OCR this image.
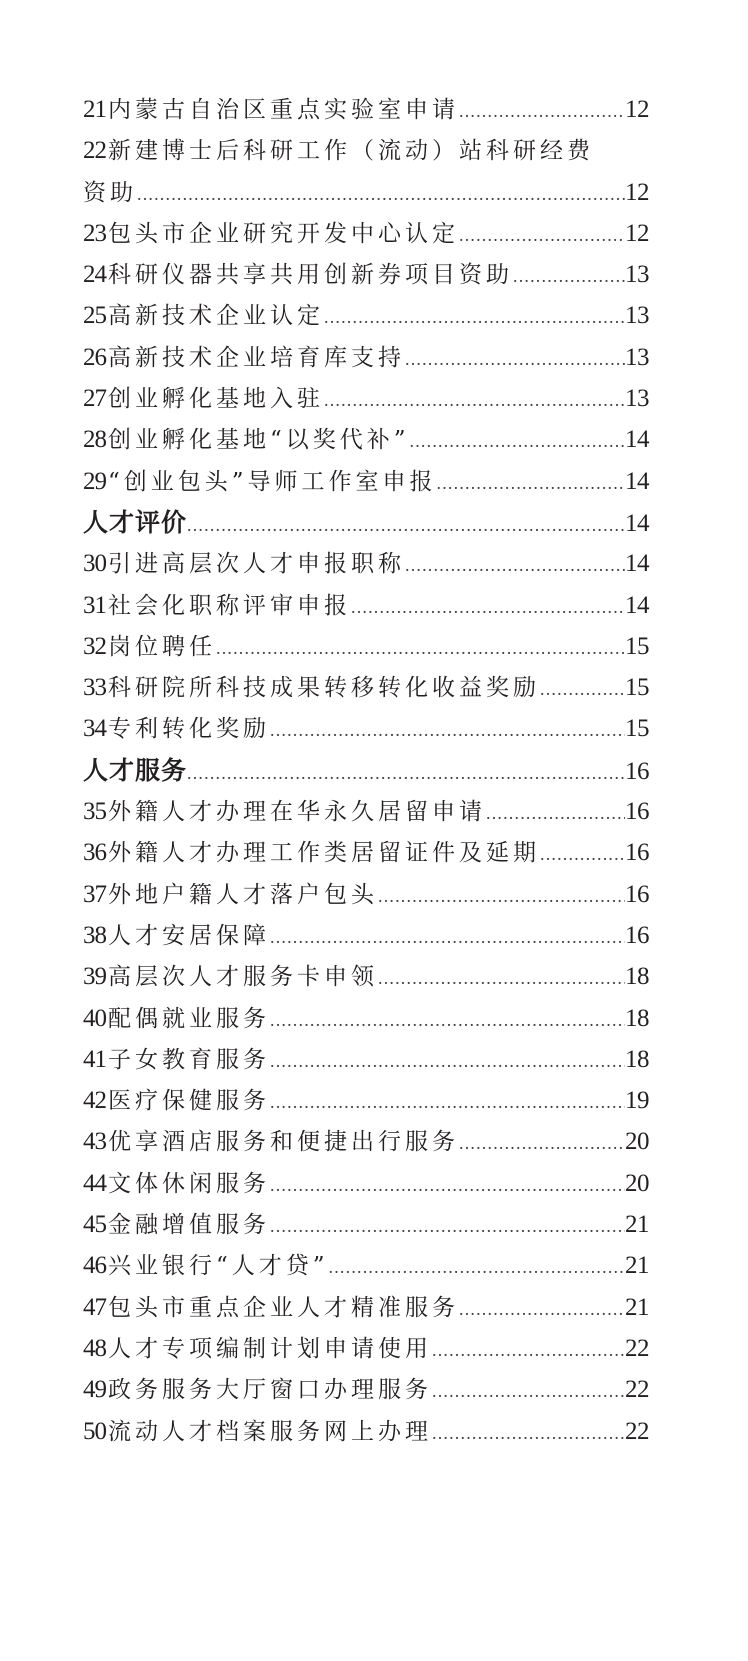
21内蒙古自治区重点实验室申请 .....	12
22新建博士后科研工作（流动）站科研经费
资助 .....	12
23包头市企业研究开发中心认定 .....	12
24科研仪器共享共用创新券项目资助 .....	13
25高新技术企业认定 .....	13
26高新技术企业培育库支持 .....	13
27创业孵化基地入驻 .....	13
28创业孵化基地“以奖代补” .....	14
29“创业包头”导师工作室申报 .....	14
人才评价 .....	14
30引进高层次人才申报职称 .....	14
31社会化职称评审申报 .....	14
32岗位聘任 .....	15
33科研院所科技成果转移转化收益奖励 .....	15
34专利转化奖励 .....	15
人才服务 .....	16
35外籍人才办理在华永久居留申请 .....	16
36外籍人才办理工作类居留证件及延期 .....	16
37外地户籍人才落户包头 .....	16
38人才安居保障 .....	16
39高层次人才服务卡申领 .....	18
40配偶就业服务 .....	18
41子女教育服务 .....	18
42医疗保健服务 .....	19
43优享酒店服务和便捷出行服务 .....	20
44文体休闲服务 .....	20
45金融增值服务 .....	21
46兴业银行“人才贷” .....	21
47包头市重点企业人才精准服务 .....	21
48人才专项编制计划申请使用 .....	22
49政务服务大厅窗口办理服务 .....	22
50流动人才档案服务网上办理 .....	22
